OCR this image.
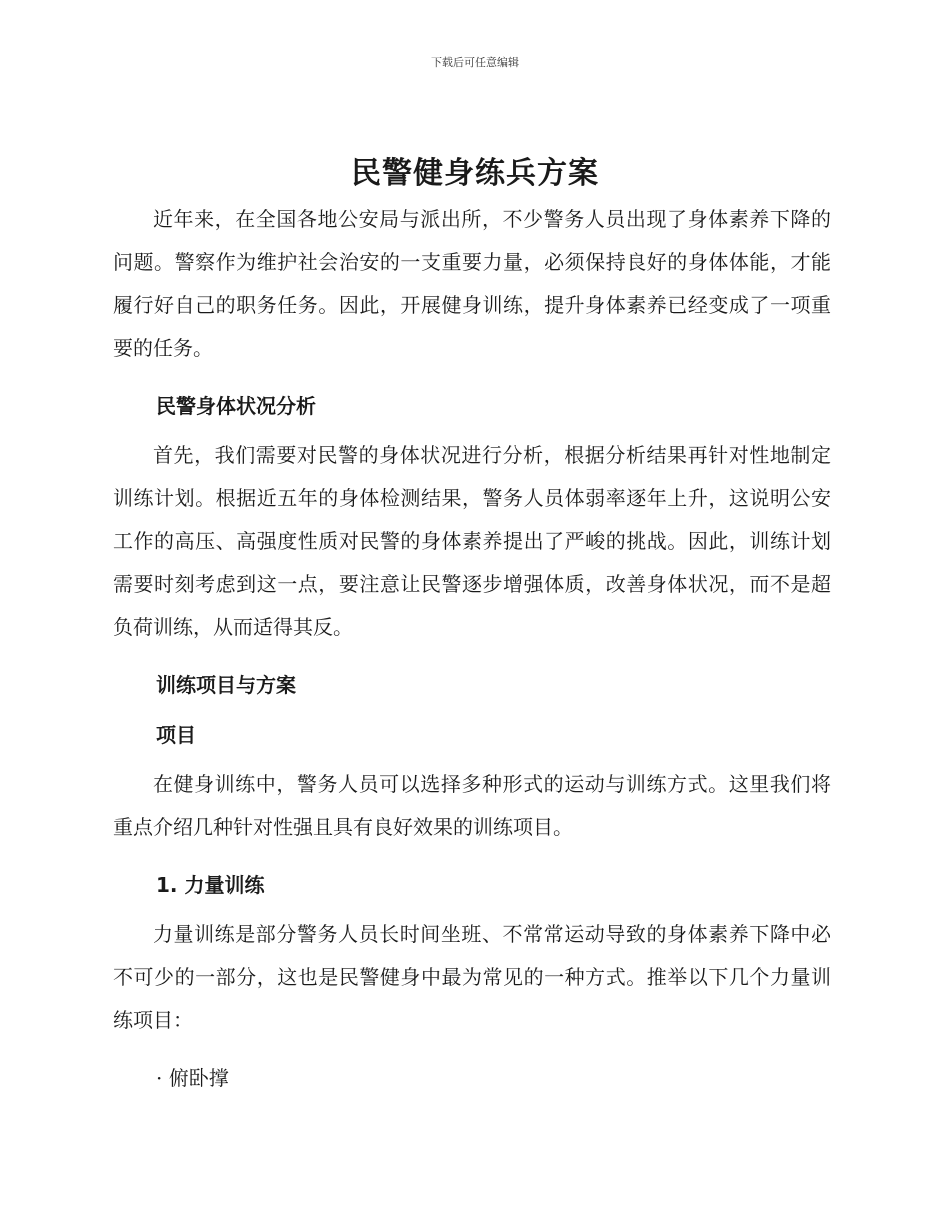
下载后可任意编辑
民警健身练兵方案

近年来，在全国各地公安局与派出所，不少警务人员出现了身体素养下降的问题。警察作为维护社会治安的一支重要力量，必须保持良好的身体体能，才能履行好自己的职务任务。因此，开展健身训练，提升身体素养已经变成了一项重要的任务。

民警身体状况分析

首先，我们需要对民警的身体状况进行分析，根据分析结果再针对性地制定训练计划。根据近五年的身体检测结果，警务人员体弱率逐年上升，这说明公安工作的高压、高强度性质对民警的身体素养提出了严峻的挑战。因此，训练计划需要时刻考虑到这一点，要注意让民警逐步增强体质，改善身体状况，而不是超负荷训练，从而适得其反。

训练项目与方案

项目

在健身训练中，警务人员可以选择多种形式的运动与训练方式。这里我们将重点介绍几种针对性强且具有良好效果的训练项目。

1. 力量训练

力量训练是部分警务人员长时间坐班、不常常运动导致的身体素养下降中必不可少的一部分，这也是民警健身中最为常见的一种方式。推举以下几个力量训练项目：

· 俯卧撑
